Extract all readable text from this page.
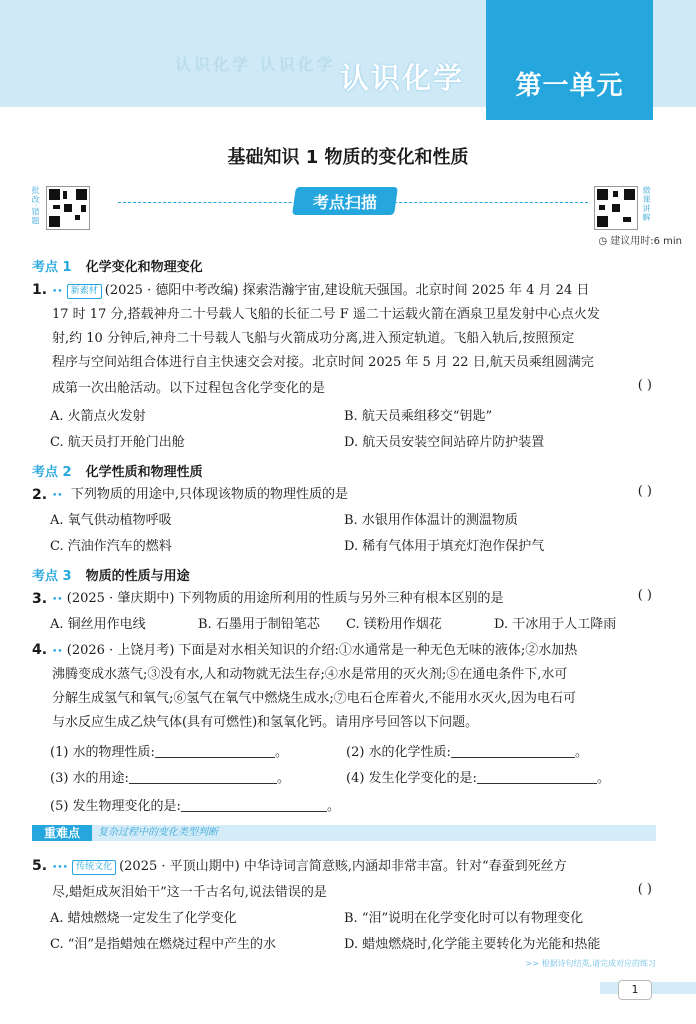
认识化学 认识化学 认识化学	第一单元
基础知识 1 物质的变化和性质
批改·错题	微课讲解
考点扫描
◷ 建议用时:6 min
考点 1 化学变化和物理变化
1. •• 新素材 (2025 · 德阳中考改编) 探索浩瀚宇宙,建设航天强国。北京时间 2025 年 4 月 24 日
17 时 17 分,搭载神舟二十号载人飞船的长征二号 F 遥二十运载火箭在酒泉卫星发射中心点火发
射,约 10 分钟后,神舟二十号载人飞船与火箭成功分离,进入预定轨道。飞船入轨后,按照预定
程序与空间站组合体进行自主快速交会对接。北京时间 2025 年 5 月 22 日,航天员乘组圆满完
成第一次出舱活动。以下过程包含化学变化的是	( )
A. 火箭点火发射	B. 航天员乘组移交“钥匙”
C. 航天员打开舱门出舱	D. 航天员安装空间站碎片防护装置
考点 2 化学性质和物理性质
2. •• 下列物质的用途中,只体现该物质的物理性质的是	( )
A. 氧气供动植物呼吸	B. 水银用作体温计的测温物质
C. 汽油作汽车的燃料	D. 稀有气体用于填充灯泡作保护气
考点 3 物质的性质与用途
3. •• (2025 · 肇庆期中) 下列物质的用途所利用的性质与另外三种有根本区别的是	( )
A. 铜丝用作电线	B. 石墨用于制铅笔芯 C. 镁粉用作烟花	D. 干冰用于人工降雨
4. •• (2026 · 上饶月考) 下面是对水相关知识的介绍:①水通常是一种无色无味的液体;②水加热
沸腾变成水蒸气;③没有水,人和动物就无法生存;④水是常用的灭火剂;⑤在通电条件下,水可
分解生成氢气和氧气;⑥氢气在氧气中燃烧生成水;⑦电石仓库着火,不能用水灭火,因为电石可
与水反应生成乙炔气体(具有可燃性)和氢氧化钙。请用序号回答以下问题。
(1) 水的物理性质:	。	(2) 水的化学性质:	。
(3) 水的用途:	。	(4) 发生化学变化的是:	。
(5) 发生物理变化的是:	。
重难点	复杂过程中的变化类型判断
5. ••• 传统文化 (2025 · 平顶山期中) 中华诗词言简意赅,内涵却非常丰富。针对“春蚕到死丝方
尽,蜡炬成灰泪始干”这一千古名句,说法错误的是	( )
A. 蜡烛燃烧一定发生了化学变化	B. “泪”说明在化学变化时可以有物理变化
C. “泪”是指蜡烛在燃烧过程中产生的水	D. 蜡烛燃烧时,化学能主要转化为光能和热能
>> 根据诗句结英,请完成对应的练习
1
